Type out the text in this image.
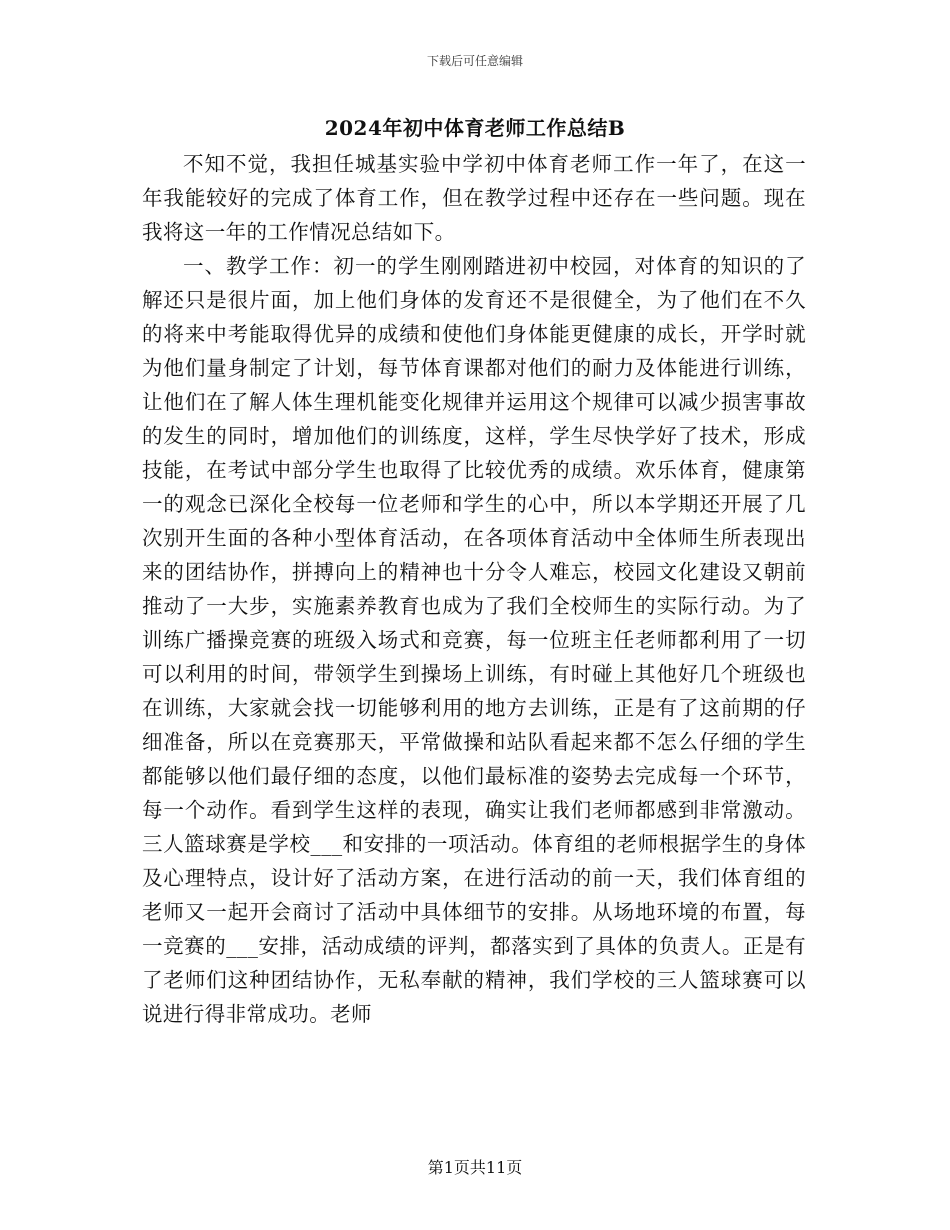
下载后可任意编辑
2024年初中体育老师工作总结B

不知不觉，我担任城基实验中学初中体育老师工作一年了，在这一年我能较好的完成了体育工作，但在教学过程中还存在一些问题。现在我将这一年的工作情况总结如下。

一、教学工作：初一的学生刚刚踏进初中校园，对体育的知识的了解还只是很片面，加上他们身体的发育还不是很健全，为了他们在不久的将来中考能取得优异的成绩和使他们身体能更健康的成长，开学时就为他们量身制定了计划，每节体育课都对他们的耐力及体能进行训练，让他们在了解人体生理机能变化规律并运用这个规律可以减少损害事故的发生的同时，增加他们的训练度，这样，学生尽快学好了技术，形成技能，在考试中部分学生也取得了比较优秀的成绩。欢乐体育，健康第一的观念已深化全校每一位老师和学生的心中，所以本学期还开展了几次别开生面的各种小型体育活动，在各项体育活动中全体师生所表现出来的团结协作，拼搏向上的精神也十分令人难忘，校园文化建设又朝前推动了一大步，实施素养教育也成为了我们全校师生的实际行动。为了训练广播操竞赛的班级入场式和竞赛，每一位班主任老师都利用了一切可以利用的时间，带领学生到操场上训练，有时碰上其他好几个班级也在训练，大家就会找一切能够利用的地方去训练，正是有了这前期的仔细准备，所以在竞赛那天，平常做操和站队看起来都不怎么仔细的学生都能够以他们最仔细的态度，以他们最标准的姿势去完成每一个环节，每一个动作。看到学生这样的表现，确实让我们老师都感到非常激动。三人篮球赛是学校___和安排的一项活动。体育组的老师根据学生的身体及心理特点，设计好了活动方案，在进行活动的前一天，我们体育组的老师又一起开会商讨了活动中具体细节的安排。从场地环境的布置，每一竞赛的___安排，活动成绩的评判，都落实到了具体的负责人。正是有了老师们这种团结协作，无私奉献的精神，我们学校的三人篮球赛可以说进行得非常成功。老师

第1页共11页
